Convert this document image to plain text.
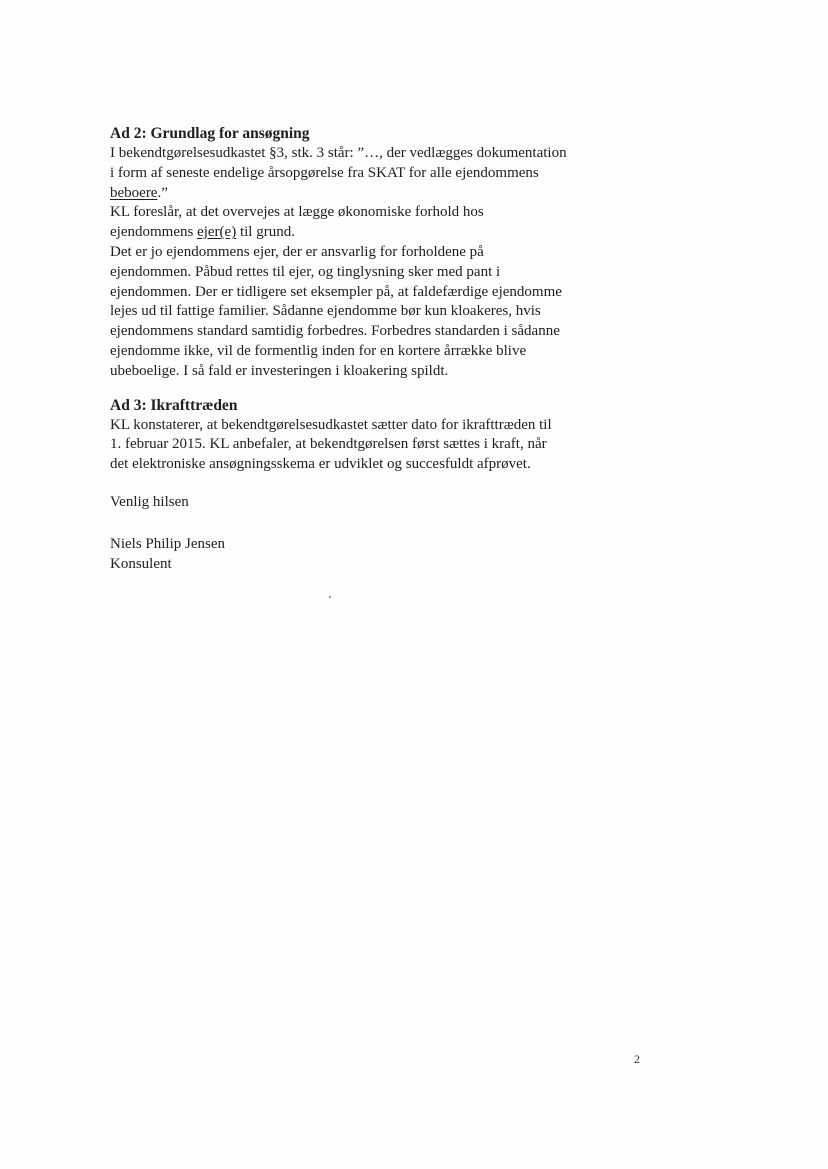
Ad 2: Grundlag for ansøgning

I bekendtgørelsesudkastet §3, stk. 3 står: ”…, der vedlægges dokumentation
i form af seneste endelige årsopgørelse fra SKAT for alle ejendommens
beboere.”
KL foreslår, at det overvejes at lægge økonomiske forhold hos
ejendommens ejer(e) til grund.
Det er jo ejendommens ejer, der er ansvarlig for forholdene på
ejendommen. Påbud rettes til ejer, og tinglysning sker med pant i
ejendommen. Der er tidligere set eksempler på, at faldefærdige ejendomme
lejes ud til fattige familier. Sådanne ejendomme bør kun kloakeres, hvis
ejendommens standard samtidig forbedres. Forbedres standarden i sådanne
ejendomme ikke, vil de formentlig inden for en kortere årrække blive
ubeboelige. I så fald er investeringen i kloakering spildt.

Ad 3: Ikrafttræden

KL konstaterer, at bekendtgørelsesudkastet sætter dato for ikrafttræden til
1. februar 2015. KL anbefaler, at bekendtgørelsen først sættes i kraft, når
det elektroniske ansøgningsskema er udviklet og succesfuldt afprøvet.
Venlig hilsen
Niels Philip Jensen
Konsulent
2
